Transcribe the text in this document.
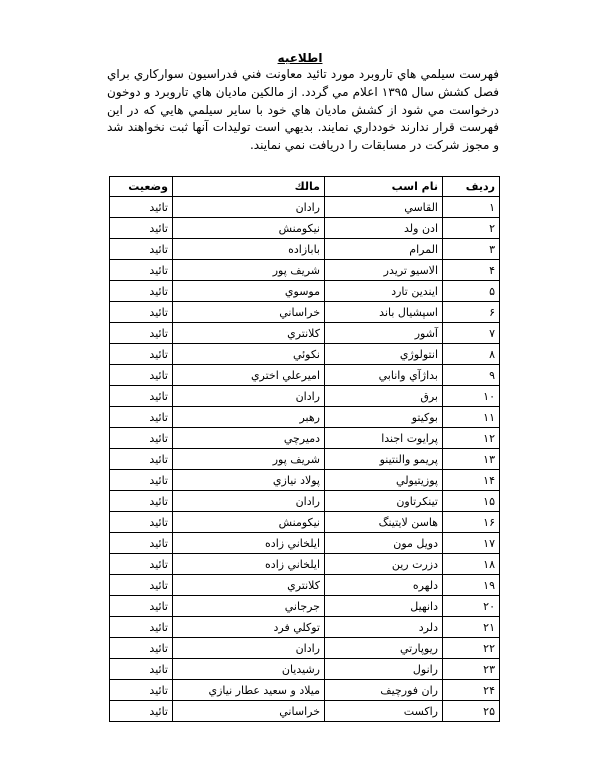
اطلاعيه

فهرست سيلمي هاي تاروبرد مورد تائيد معاونت فني فدراسيون سواركاري براي فصل كشش سال ۱۳۹۵ اعلام مي گردد. از مالكين ماديان هاي تاروبرد و دوخون درخواست مي شود از كشش ماديان هاي خود با ساير سيلمي هايي كه در اين فهرست قرار ندارند خودداري نمايند. بديهي است توليدات آنها ثبت نخواهند شد و مجوز شركت در مسابقات را دريافت نمي نمايند.

رديف	نام اسب	مالك	وضعيت
۱	القاسي	رادان	تائيد
۲	ادن ولد	نيكومنش	تائيد
۳	المرام	بابازاده	تائيد
۴	الاسيو تريدر	شريف پور	تائيد
۵	ايندين تارد	موسوي	تائيد
۶	اسپشيال باند	خراساني	تائيد
۷	آشور	كلانتري	تائيد
۸	انتولوژي	نكوئي	تائيد
۹	بداژآي وانابي	اميرعلي اختري	تائيد
۱۰	برق	رادان	تائيد
۱۱	بوكيتو	رهبر	تائيد
۱۲	پرايوت اجندا	دميرچي	تائيد
۱۳	پريمو والنتينو	شريف پور	تائيد
۱۴	پوزيتيولي	پولاد نيازي	تائيد
۱۵	تينكرتاون	رادان	تائيد
۱۶	هاسن لايتينگ	نيكومنش	تائيد
۱۷	دويل مون	ايلخاني زاده	تائيد
۱۸	دزرت رين	ايلخاني زاده	تائيد
۱۹	دلهره	كلانتري	تائيد
۲۰	دانهيل	جرجاني	تائيد
۲۱	دلرد	توكلي فرد	تائيد
۲۲	ريوپارتي	رادان	تائيد
۲۳	رانول	رشيديان	تائيد
۲۴	ران فورچيف	ميلاد و سعيد عطار نيازي	تائيد
۲۵	راكست	خراساني	تائيد
